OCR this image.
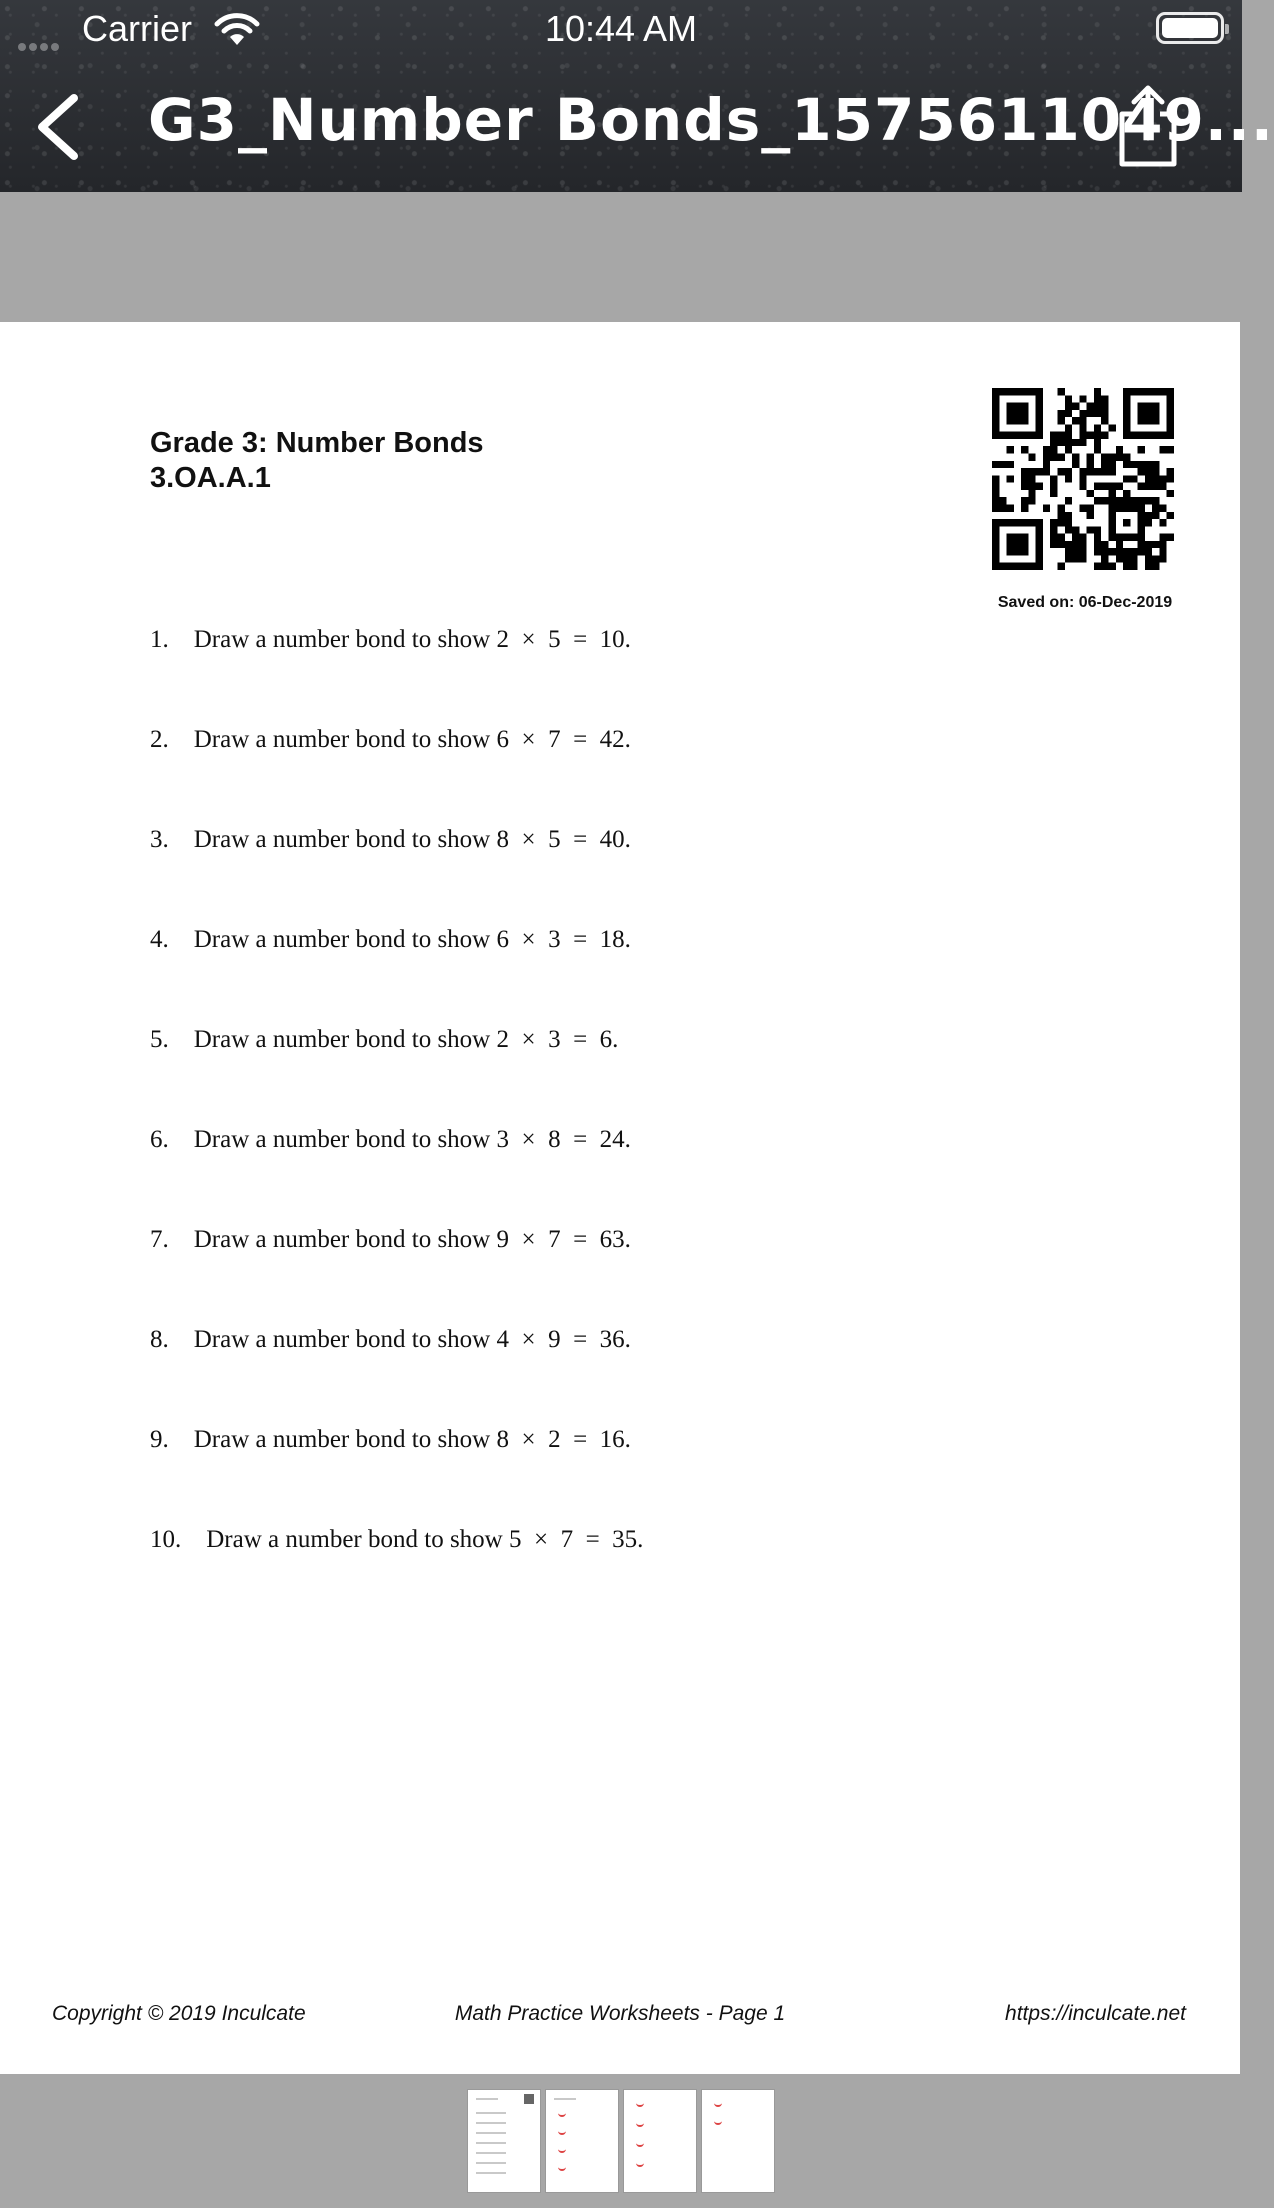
Carrier	10:44 AM
G3_Number Bonds_1575611049...
Grade 3: Number Bonds
3.OA.A.1
Saved on: 06-Dec-2019
1. Draw a number bond to show 2  ×  5  =  10.
2. Draw a number bond to show 6  ×  7  =  42.
3. Draw a number bond to show 8  ×  5  =  40.
4. Draw a number bond to show 6  ×  3  =  18.
5. Draw a number bond to show 2  ×  3  =  6.
6. Draw a number bond to show 3  ×  8  =  24.
7. Draw a number bond to show 9  ×  7  =  63.
8. Draw a number bond to show 4  ×  9  =  36.
9. Draw a number bond to show 8  ×  2  =  16.
10. Draw a number bond to show 5  ×  7  =  35.
Copyright © 2019 Inculcate	Math Practice Worksheets - Page 1	https://inculcate.net
